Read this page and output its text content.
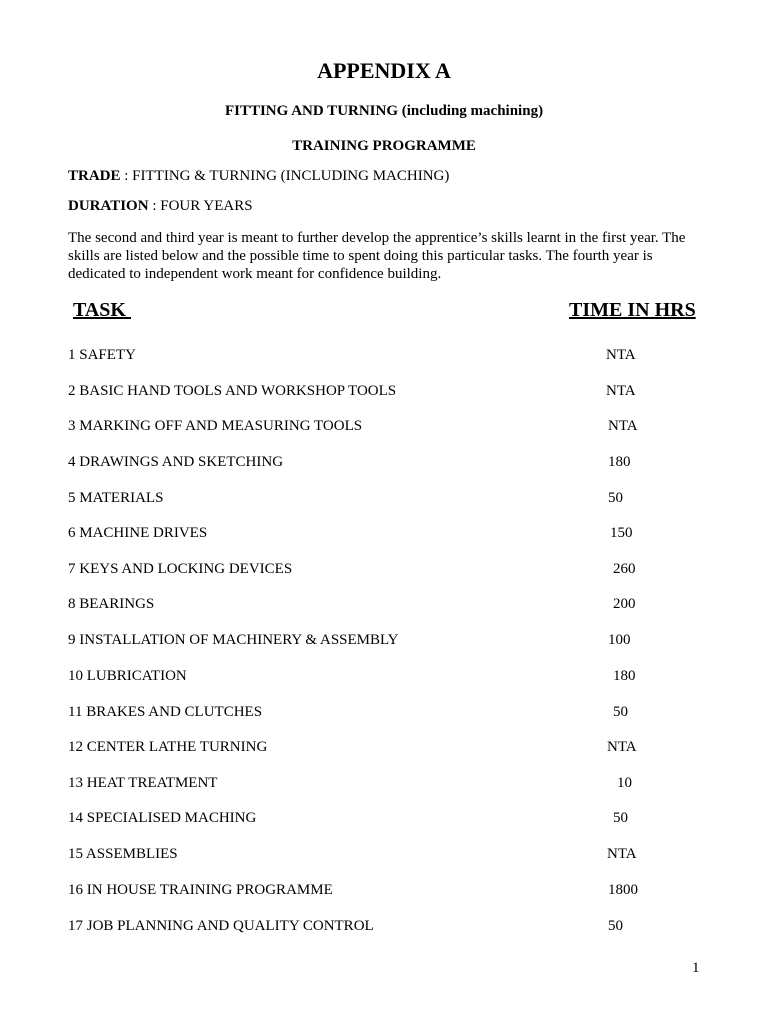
APPENDIX A
FITTING AND TURNING (including machining)
TRAINING PROGRAMME
TRADE : FITTING & TURNING (INCLUDING MACHING)
DURATION : FOUR YEARS

The second and third year is meant to further develop the apprentice’s skills learnt in the first year. The skills are listed below and the possible time to spent doing this particular tasks. The fourth year is dedicated to independent work meant for confidence building.

TASK	TIME IN HRS
1 SAFETY	NTA
2 BASIC HAND TOOLS AND WORKSHOP TOOLS	NTA
3 MARKING OFF AND MEASURING TOOLS	NTA
4 DRAWINGS AND SKETCHING	180
5 MATERIALS	50
6 MACHINE DRIVES	150
7 KEYS AND LOCKING DEVICES	260
8 BEARINGS	200
9 INSTALLATION OF MACHINERY & ASSEMBLY	100
10 LUBRICATION	180
11 BRAKES AND CLUTCHES	50
12 CENTER LATHE TURNING	NTA
13 HEAT TREATMENT	10
14 SPECIALISED MACHING	50
15 ASSEMBLIES	NTA
16 IN HOUSE TRAINING PROGRAMME	1800
17 JOB PLANNING AND QUALITY CONTROL	50
1
